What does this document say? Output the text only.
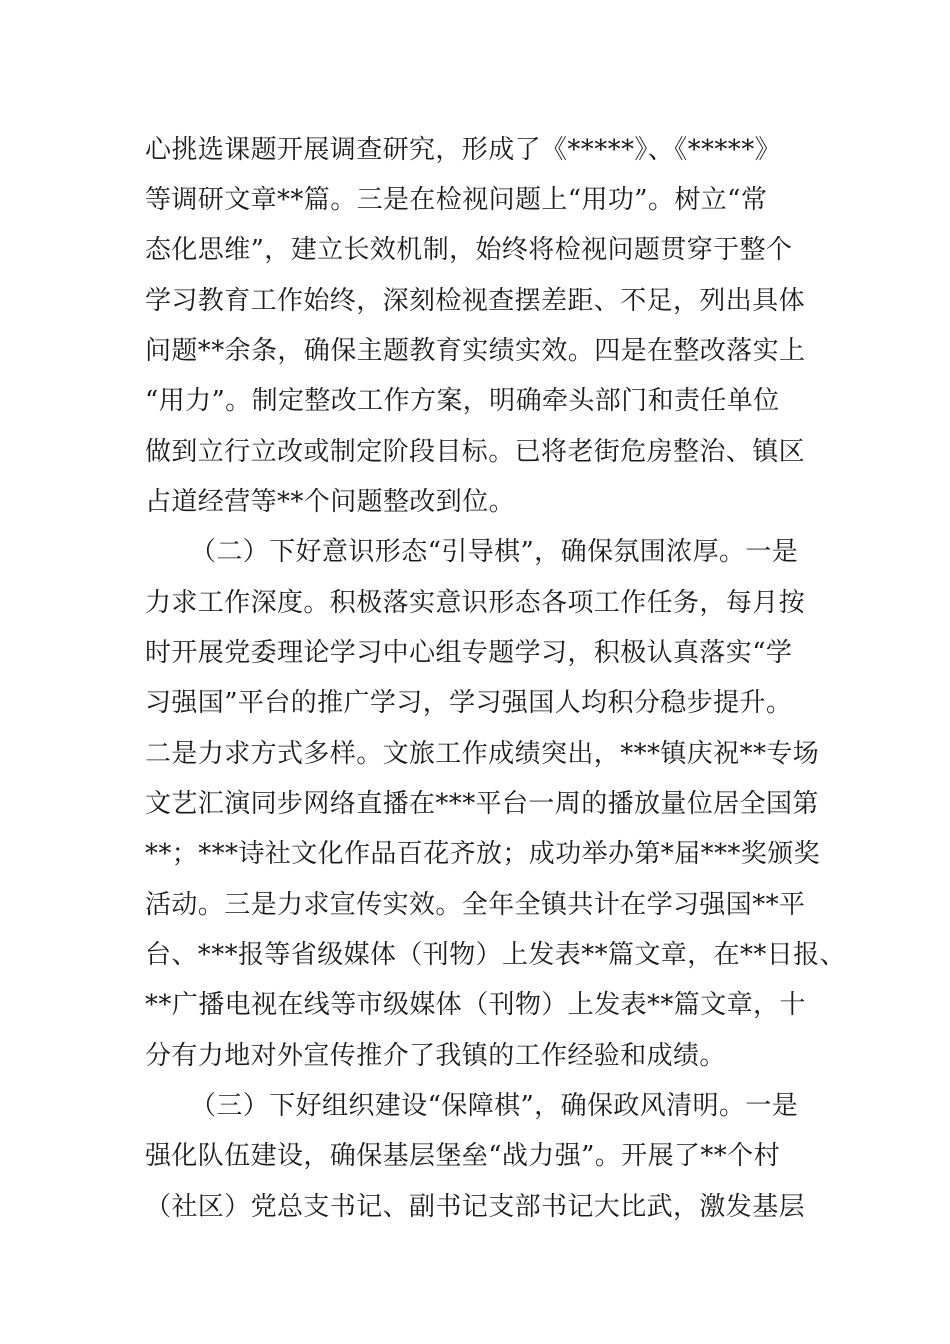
心挑选课题开展调查研究，形成了《*****》、《*****》
等调研文章**篇。三是在检视问题上“用功”。树立“常
态化思维”，建立长效机制，始终将检视问题贯穿于整个
学习教育工作始终，深刻检视查摆差距、不足，列出具体
问题**余条，确保主题教育实绩实效。四是在整改落实上
“用力”。制定整改工作方案，明确牵头部门和责任单位
做到立行立改或制定阶段目标。已将老街危房整治、镇区
占道经营等**个问题整改到位。
（二）下好意识形态“引导棋”，确保氛围浓厚。一是
力求工作深度。积极落实意识形态各项工作任务，每月按
时开展党委理论学习中心组专题学习，积极认真落实“学
习强国”平台的推广学习，学习强国人均积分稳步提升。
二是力求方式多样。文旅工作成绩突出，***镇庆祝**专场
文艺汇演同步网络直播在***平台一周的播放量位居全国第
**；***诗社文化作品百花齐放；成功举办第*届***奖颁奖
活动。三是力求宣传实效。全年全镇共计在学习强国**平
台、***报等省级媒体（刊物）上发表**篇文章，在**日报、
**广播电视在线等市级媒体（刊物）上发表**篇文章，十
分有力地对外宣传推介了我镇的工作经验和成绩。
（三）下好组织建设“保障棋”，确保政风清明。一是
强化队伍建设，确保基层堡垒“战力强”。开展了**个村
（社区）党总支书记、副书记支部书记大比武，激发基层
